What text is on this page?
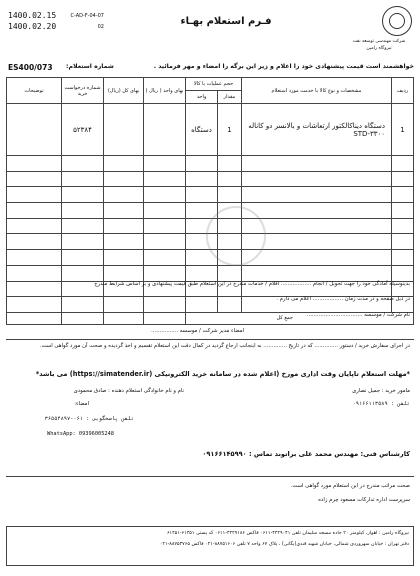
شرکت مهندسی توسعه نفت
نیروگاه رامین
فـرم استعلام بهـاء
1400.02.15	C-AD-F-04-07
1400.02.20	02
خواهشمند است قیمت پیشنهادی خود را اعلام و زیر این برگه را امضاء و مهر فرمائید .
شماره استعلام:
ES400/073
ردیف	مشخصات و نوع کالا یا خدمت مورد استعلام	حجم عملیات یا کالا		بهای واحد ( ریال )	بهای کل (ریال)	شماره درخواست خرید	توضیحات
		مقدار	واحد				
1	دستگاه دیناکالکتور ارتعاشات و بالانسر دو کاناله STD-۳۳۰۰	1	دستگاه			۵۲۳۸۴	

جمع کل							
بدینوسیله آمادگی خود را جهت تحویل / انجام .................. اقلام / خدمات مندرج در این استعلام طبق قیمت پیشنهادی و بر اساس شرایط مندرج
در ذیل صفحه و در مدت زمان .................. اعلام می دارم .
نام شرکت / موسسه .................................
امضاء مدیر شرکت / موسسه ................
در اجرای سفارش خرید / دستور .............. که در تاریخ .............. به اینجانب ارجاع گردید در کمال دقت این استعلام تقسیم و اخذ گردیده و صحت آن مورد گواهی است.
*مهلت استعلام تاپایان وقت اداری مورخ (اعلام شده در سامانه خرید الکترونیکی (https://simatender.ir) می باشد*
مامور خرید : جمیل نصاری
تلفن : ۰۹۱۶۶۱۱۳۵۸۹
نام و نام خانوادگی استعلام دهنده : صادق محمودی
امضاء:
تلفن پاسخگویی : ۰۶۱-۳۶۵۵۴۸۹۷
WhatsApp: 09396005248
کارشناس فنی: مهندس محمد علی براتوند تماس : ۰۹۱۶۶۱۴۵۹۹۰
صحت مراتب مندرج در این استعلام مورد گواهی است.
سرپرست اداره تدارکات مسعود چرم زاده
نیروگاه رامین : اهواز، کیلومتر ۲۰ جاده مسجد سلیمان تلفن ۴۴۲۹۰۴۱-۰۶۱۱ فاکس ۴۴۲۹۱۸۶-۰۶۱۱ کد پستی ۶۱۳۵۱-۶۱۴۵۱
دفتر تهران : خیابان سهروردی شمالی، خیابان شهید قندی(یگانی) ، پلاک ۶۷ واحد ۷ تلفن ۸۸۷۵۱۶۰۶-۰۲۱ فاکس ۸۸۷۵۳۷۶۵-۰۲۱
